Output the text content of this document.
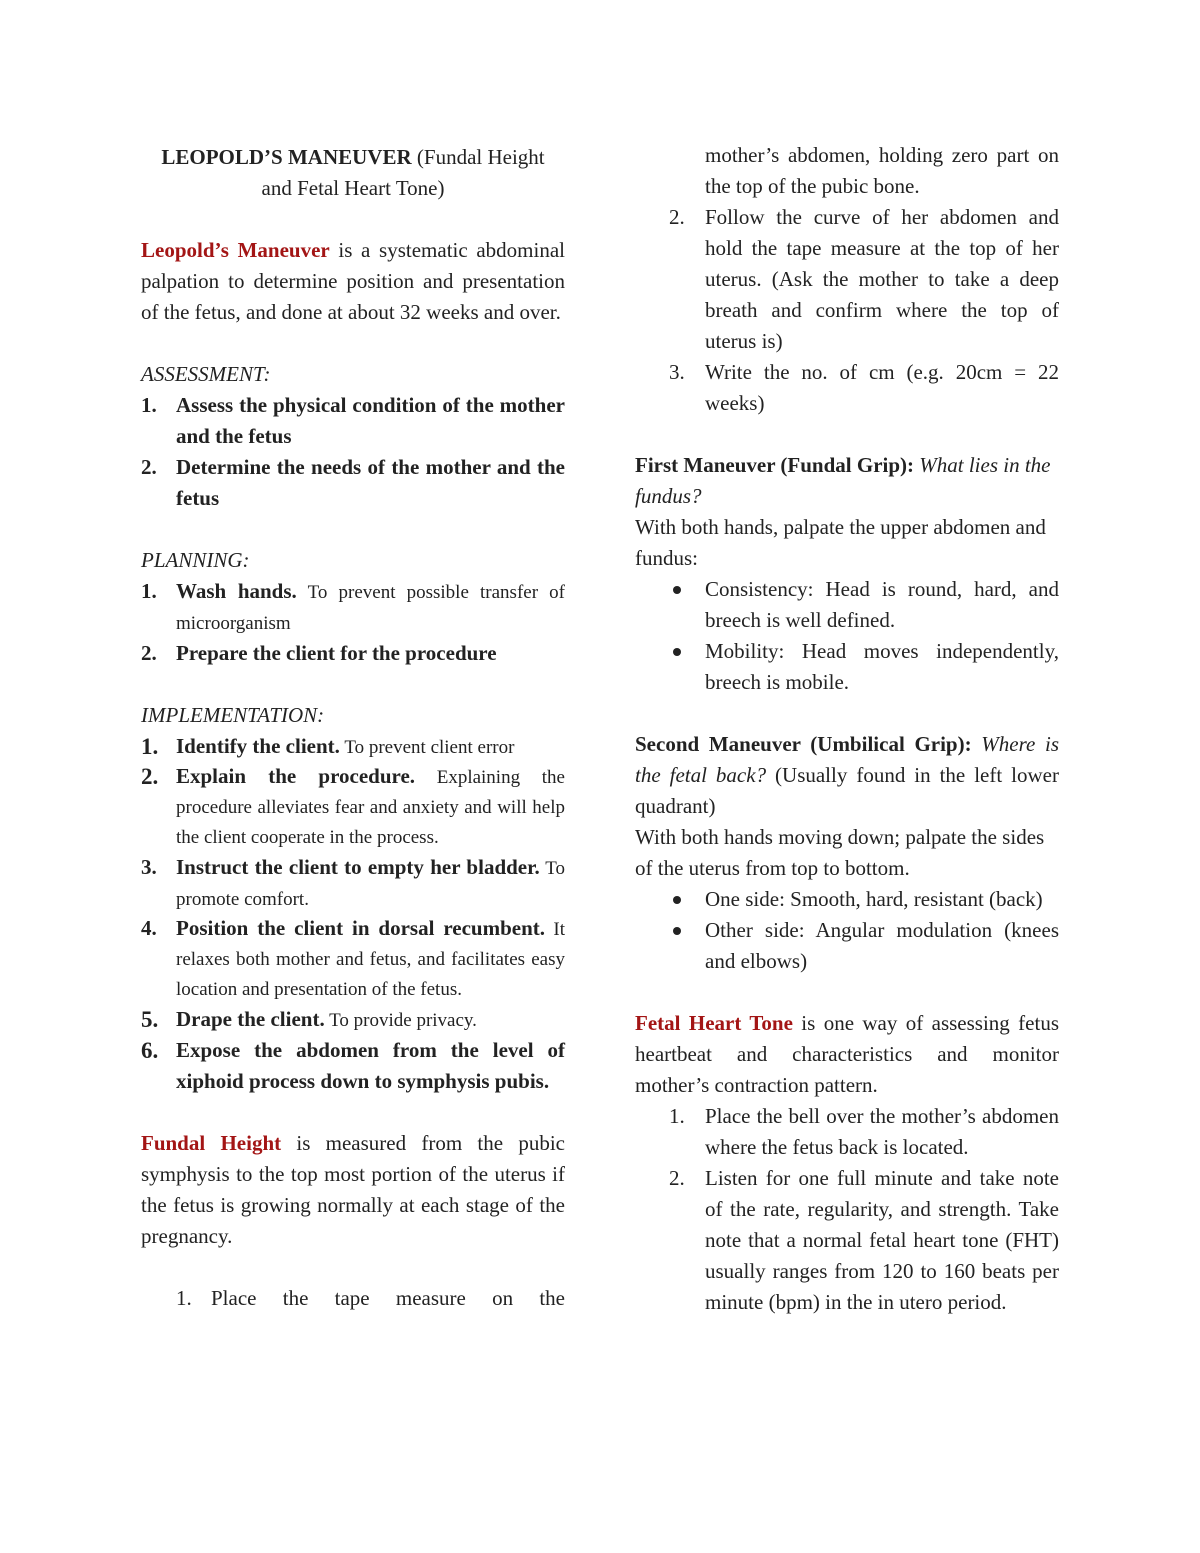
LEOPOLD’S MANEUVER (Fundal Height
and Fetal Heart Tone)

Leopold’s Maneuver is a systematic abdominal palpation to determine position and presentation of the fetus, and done at about 32 weeks and over.

ASSESSMENT:

1. Assess the physical condition of the mother and the fetus
2. Determine the needs of the mother and the fetus

PLANNING:

1. Wash hands. To prevent possible transfer of microorganism
2. Prepare the client for the procedure

IMPLEMENTATION:

1. Identify the client. To prevent client error
2. Explain the procedure. Explaining the procedure alleviates fear and anxiety and will help the client cooperate in the process.
3. Instruct the client to empty her bladder. To promote comfort.
4. Position the client in dorsal recumbent. It relaxes both mother and fetus, and facilitates easy location and presentation of the fetus.
5. Drape the client. To provide privacy.
6. Expose the abdomen from the level of xiphoid process down to symphysis pubis.

Fundal Height is measured from the pubic symphysis to the top most portion of the uterus if the fetus is growing normally at each stage of the pregnancy.

1. Place the tape measure on the
mother’s abdomen, holding zero part on the top of the pubic bone.
2. Follow the curve of her abdomen and hold the tape measure at the top of her uterus. (Ask the mother to take a deep breath and confirm where the top of uterus is)
3. Write the no. of cm (e.g. 20cm = 22 weeks)

First Maneuver (Fundal Grip): What lies in the fundus?

With both hands, palpate the upper abdomen and fundus:

Consistency: Head is round, hard, and breech is well defined.
Mobility: Head moves independently, breech is mobile.

Second Maneuver (Umbilical Grip): Where is the fetal back? (Usually found in the left lower quadrant)

With both hands moving down; palpate the sides of the uterus from top to bottom.

One side: Smooth, hard, resistant (back)
Other side: Angular modulation (knees and elbows)

Fetal Heart Tone is one way of assessing fetus heartbeat and characteristics and monitor mother’s contraction pattern.

1. Place the bell over the mother’s abdomen where the fetus back is located.
2. Listen for one full minute and take note of the rate, regularity, and strength. Take note that a normal fetal heart tone (FHT) usually ranges from 120 to 160 beats per minute (bpm) in the in utero period.
